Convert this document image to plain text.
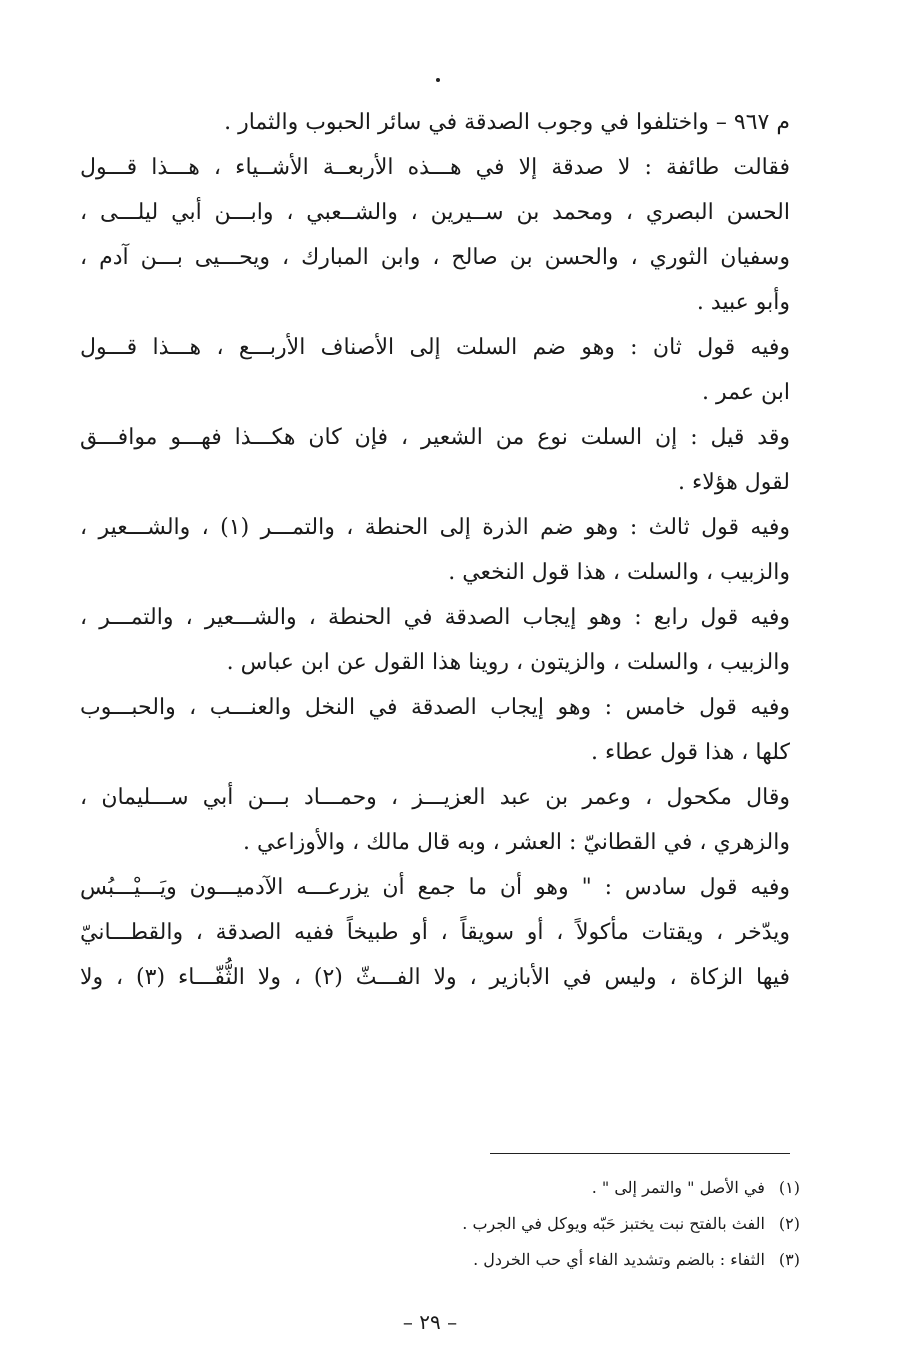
م ٩٦٧ – واختلفوا في وجوب الصدقة في سائر الحبوب والثمار .
فقالت طائفة : لا صدقة إلا في هـــذه الأربعــة الأشــياء ، هـــذا قـــول
الحسن البصري ، ومحمد بن ســيرين ، والشــعبي ، وابـــن أبي ليلـــى ،
وسفيان الثوري ، والحسن بن صالح ، وابن المبارك ، ويحـــيى بـــن آدم ،
وأبو عبيد .
وفيه قول ثان : وهو ضم السلت إلى الأصناف الأربـــع ، هـــذا قـــول
ابن عمر .
وقد قيل : إن السلت نوع من الشعير ، فإن كان هكـــذا فهـــو موافـــق
لقول هؤلاء .
وفيه قول ثالث : وهو ضم الذرة إلى الحنطة ، والتمـــر (١) ، والشـــعير ،
والزبيب ، والسلت ، هذا قول النخعي .
وفيه قول رابع : وهو إيجاب الصدقة في الحنطة ، والشـــعير ، والتمـــر ،
والزبيب ، والسلت ، والزيتون ، روينا هذا القول عن ابن عباس .
وفيه قول خامس : وهو إيجاب الصدقة في النخل والعنـــب ، والحبـــوب
كلها ، هذا قول عطاء .
وقال مكحول ، وعمر بن عبد العزيـــز ، وحمـــاد بـــن أبي ســـليمان ،
والزهري ، في القطانيّ : العشر ، وبه قال مالك ، والأوزاعي .
وفيه قول سادس : " وهو أن ما جمع أن يزرعـــه الآدميـــون ويَـــيْـــبُس
ويدّخر ، ويقتات مأكولاً ، أو سويقاً ، أو طبيخاً ففيه الصدقة ، والقطـــانيّ
فيها الزكاة ، وليس في الأبازير ، ولا الفـــثّ (٢) ، ولا الثُّفّـــاء (٣) ، ولا
(١)في الأصل " والتمر إلى " .
(٢)الفث بالفتح نبت يختبز حَبّه ويوكل في الجرب .
(٣)الثفاء : بالضم وتشديد الفاء أي حب الخردل .
– ٢٩ –
